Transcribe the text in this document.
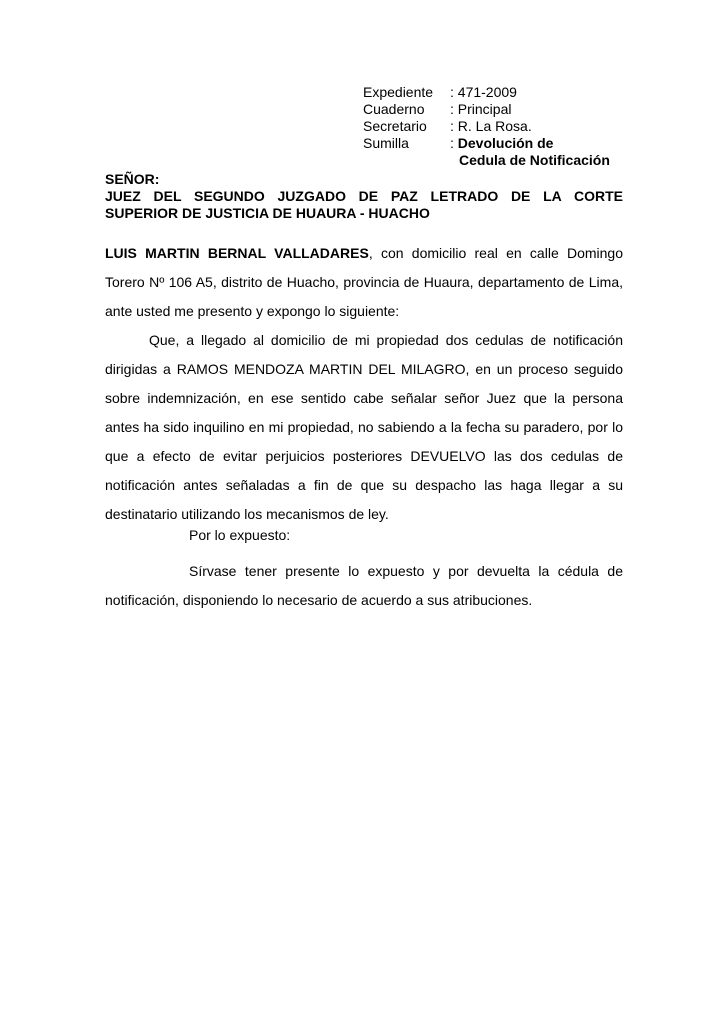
Expediente	: 471-2009
Cuaderno	: Principal
Secretario	: R. La Rosa.
Sumilla	: Devolución de
Cedula de Notificación
SEÑOR:
JUEZ DEL SEGUNDO JUZGADO DE PAZ LETRADO DE LA CORTE
SUPERIOR DE JUSTICIA DE HUAURA - HUACHO
LUIS MARTIN BERNAL VALLADARES, con domicilio real en calle Domingo Torero Nº 106 A5, distrito de Huacho, provincia de Huaura, departamento de Lima, ante usted me presento y expongo lo siguiente:
Que, a llegado al domicilio de mi propiedad dos cedulas de notificación dirigidas a RAMOS MENDOZA MARTIN DEL MILAGRO, en un proceso seguido sobre indemnización, en ese sentido cabe señalar señor Juez que la persona antes ha sido inquilino en mi propiedad, no sabiendo a la fecha su paradero, por lo que a efecto de evitar perjuicios posteriores DEVUELVO las dos cedulas de notificación antes señaladas a fin de que su despacho las haga llegar a su destinatario utilizando los mecanismos de ley.
Por lo expuesto:
Sírvase tener presente lo expuesto y por devuelta la cédula de notificación, disponiendo lo necesario de acuerdo a sus atribuciones.
